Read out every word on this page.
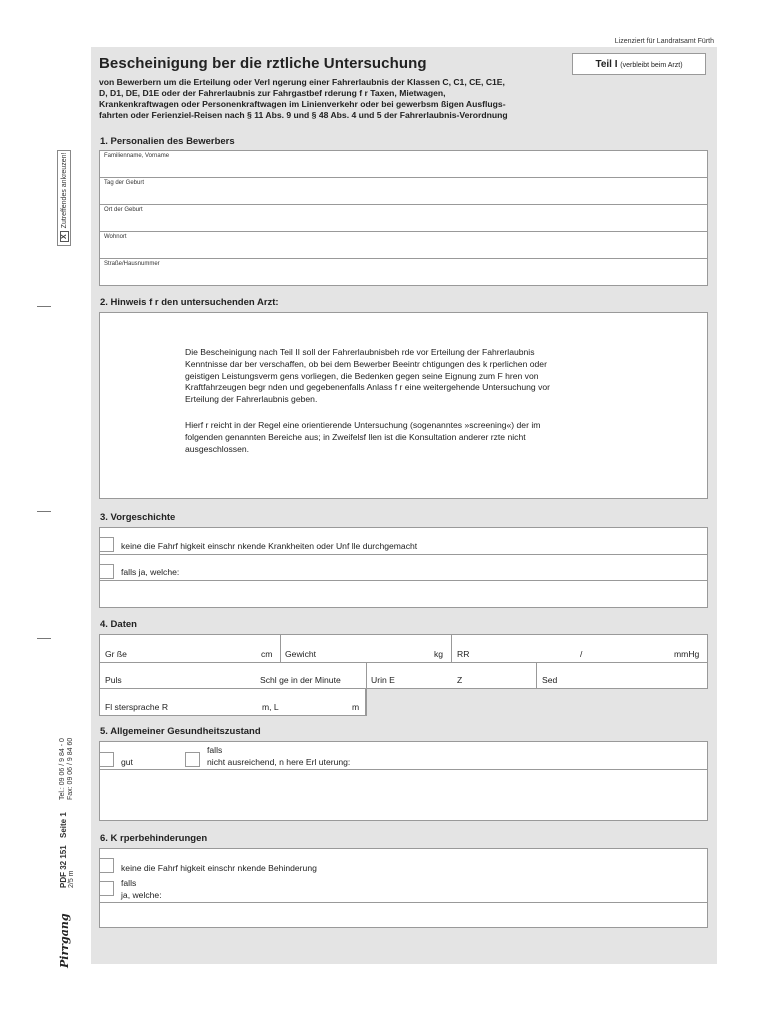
Lizenziert für Landratsamt Fürth
Bescheinigung ber die rztliche Untersuchung	Teil I (verbleibt beim Arzt)
von Bewerbern um die Erteilung oder Verl ngerung einer Fahrerlaubnis der Klassen C, C1, CE, C1E,
D, D1, DE, D1E oder der Fahrerlaubnis zur Fahrgastbef rderung f r Taxen, Mietwagen,
Krankenkraftwagen oder Personenkraftwagen im Linienverkehr oder bei gewerbsm ßigen Ausflugs-
fahrten oder Ferienziel-Reisen nach § 11 Abs. 9 und § 48 Abs. 4 und 5 der Fahrerlaubnis-Verordnung
XZutreffendes ankreuzen!
Tel.: 09 06 / 9 84 - 0 Fax: 09 06 / 9 84 60
Seite 1
PDF 32 151 2/5 m
Pirrgang
1. Personalien des Bewerbers
Familienname, Vorname
Tag der Geburt
Ort der Geburt
Wohnort
Straße/Hausnummer
2. Hinweis f r den untersuchenden Arzt:
Die Bescheinigung nach Teil II soll der Fahrerlaubnisbeh rde vor Erteilung der Fahrerlaubnis
Kenntnisse dar ber verschaffen, ob bei dem Bewerber Beeintr chtigungen des k rperlichen oder
geistigen Leistungsverm gens vorliegen, die Bedenken gegen seine Eignung zum F hren von
Kraftfahrzeugen begr nden und gegebenenfalls Anlass f r eine weitergehende Untersuchung vor
Erteilung der Fahrerlaubnis geben.
Hierf r reicht in der Regel eine orientierende Untersuchung (sogenanntes »screening«) der im
folgenden genannten Bereiche aus; in Zweifelsf llen ist die Konsultation anderer rzte nicht
ausgeschlossen.
3. Vorgeschichte
keine die Fahrf higkeit einschr nkende Krankheiten oder Unf lle durchgemacht
falls ja, welche:
4. Daten
Gr ße	cm Gewicht	kg RR	/	mmHg
Puls	Schl ge in der Minute	Urin E	Z	Sed
Fl stersprache R	m, L	m
5. Allgemeiner Gesundheitszustand
gut
falls
nicht ausreichend, n here Erl uterung:
6. K rperbehinderungen
keine die Fahrf higkeit einschr nkende Behinderung
falls
ja, welche:
